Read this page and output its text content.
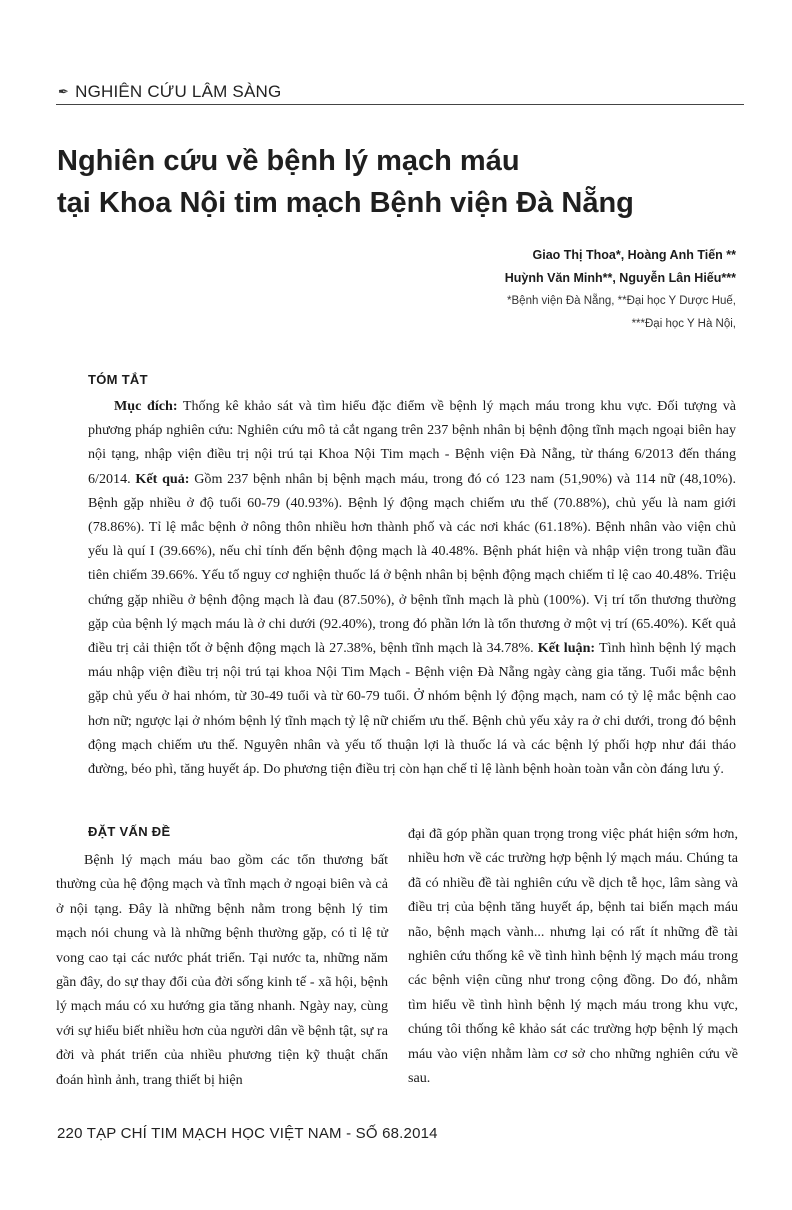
✒ NGHIÊN CỨU LÂM SÀNG
Nghiên cứu về bệnh lý mạch máu
tại Khoa Nội tim mạch Bệnh viện Đà Nẵng
Giao Thị Thoa*, Hoàng Anh Tiến **
Huỳnh Văn Minh**, Nguyễn Lân Hiếu***
*Bệnh viện Đà Nẵng, **Đại học Y Dược Huế,
***Đại học Y Hà Nội,
TÓM TẮT

Mục đích: Thống kê khảo sát và tìm hiểu đặc điểm về bệnh lý mạch máu trong khu vực. Đối tượng và phương pháp nghiên cứu: Nghiên cứu mô tả cắt ngang trên 237 bệnh nhân bị bệnh động tĩnh mạch ngoại biên hay nội tạng, nhập viện điều trị nội trú tại Khoa Nội Tim mạch - Bệnh viện Đà Nẵng, từ tháng 6/2013 đến tháng 6/2014. Kết quả: Gồm 237 bệnh nhân bị bệnh mạch máu, trong đó có 123 nam (51,90%) và 114 nữ (48,10%). Bệnh gặp nhiều ở độ tuổi 60-79 (40.93%). Bệnh lý động mạch chiếm ưu thế (70.88%), chủ yếu là nam giới (78.86%). Tỉ lệ mắc bệnh ở nông thôn nhiều hơn thành phố và các nơi khác (61.18%). Bệnh nhân vào viện chủ yếu là quí I (39.66%), nếu chỉ tính đến bệnh động mạch là 40.48%. Bệnh phát hiện và nhập viện trong tuần đầu tiên chiếm 39.66%. Yếu tố nguy cơ nghiện thuốc lá ở bệnh nhân bị bệnh động mạch chiếm tỉ lệ cao 40.48%. Triệu chứng gặp nhiều ở bệnh động mạch là đau (87.50%), ở bệnh tĩnh mạch là phù (100%). Vị trí tổn thương thường gặp của bệnh lý mạch máu là ở chi dưới (92.40%), trong đó phần lớn là tổn thương ở một vị trí (65.40%). Kết quả điều trị cải thiện tốt ở bệnh động mạch là 27.38%, bệnh tĩnh mạch là 34.78%. Kết luận: Tình hình bệnh lý mạch máu nhập viện điều trị nội trú tại khoa Nội Tim Mạch - Bệnh viện Đà Nẵng ngày càng gia tăng. Tuổi mắc bệnh gặp chủ yếu ở hai nhóm, từ 30-49 tuổi và từ 60-79 tuổi. Ở nhóm bệnh lý động mạch, nam có tỷ lệ mắc bệnh cao hơn nữ; ngược lại ở nhóm bệnh lý tĩnh mạch tỷ lệ nữ chiếm ưu thế. Bệnh chủ yếu xảy ra ở chi dưới, trong đó bệnh động mạch chiếm ưu thế. Nguyên nhân và yếu tố thuận lợi là thuốc lá và các bệnh lý phối hợp như đái tháo đường, béo phì, tăng huyết áp. Do phương tiện điều trị còn hạn chế tỉ lệ lành bệnh hoàn toàn vẫn còn đáng lưu ý.

ĐẶT VẤN ĐỀ

Bệnh lý mạch máu bao gồm các tổn thương bất thường của hệ động mạch và tĩnh mạch ở ngoại biên và cả ở nội tạng. Đây là những bệnh nằm trong bệnh lý tim mạch nói chung và là những bệnh thường gặp, có tỉ lệ tử vong cao tại các nước phát triển. Tại nước ta, những năm gần đây, do sự thay đổi của đời sống kinh tế - xã hội, bệnh lý mạch máu có xu hướng gia tăng nhanh. Ngày nay, cùng với sự hiểu biết nhiều hơn của người dân về bệnh tật, sự ra đời và phát triển của nhiều phương tiện kỹ thuật chẩn đoán hình ảnh, trang thiết bị hiện

đại đã góp phần quan trọng trong việc phát hiện sớm hơn, nhiều hơn về các trường hợp bệnh lý mạch máu. Chúng ta đã có nhiều đề tài nghiên cứu về dịch tễ học, lâm sàng và điều trị của bệnh tăng huyết áp, bệnh tai biến mạch máu não, bệnh mạch vành... nhưng lại có rất ít những đề tài nghiên cứu thống kê về tình hình bệnh lý mạch máu trong các bệnh viện cũng như trong cộng đồng. Do đó, nhằm tìm hiểu về tình hình bệnh lý mạch máu trong khu vực, chúng tôi thống kê khảo sát các trường hợp bệnh lý mạch máu vào viện nhằm làm cơ sở cho những nghiên cứu về sau.

220 TẠP CHÍ TIM MẠCH HỌC VIỆT NAM - SỐ 68.2014
